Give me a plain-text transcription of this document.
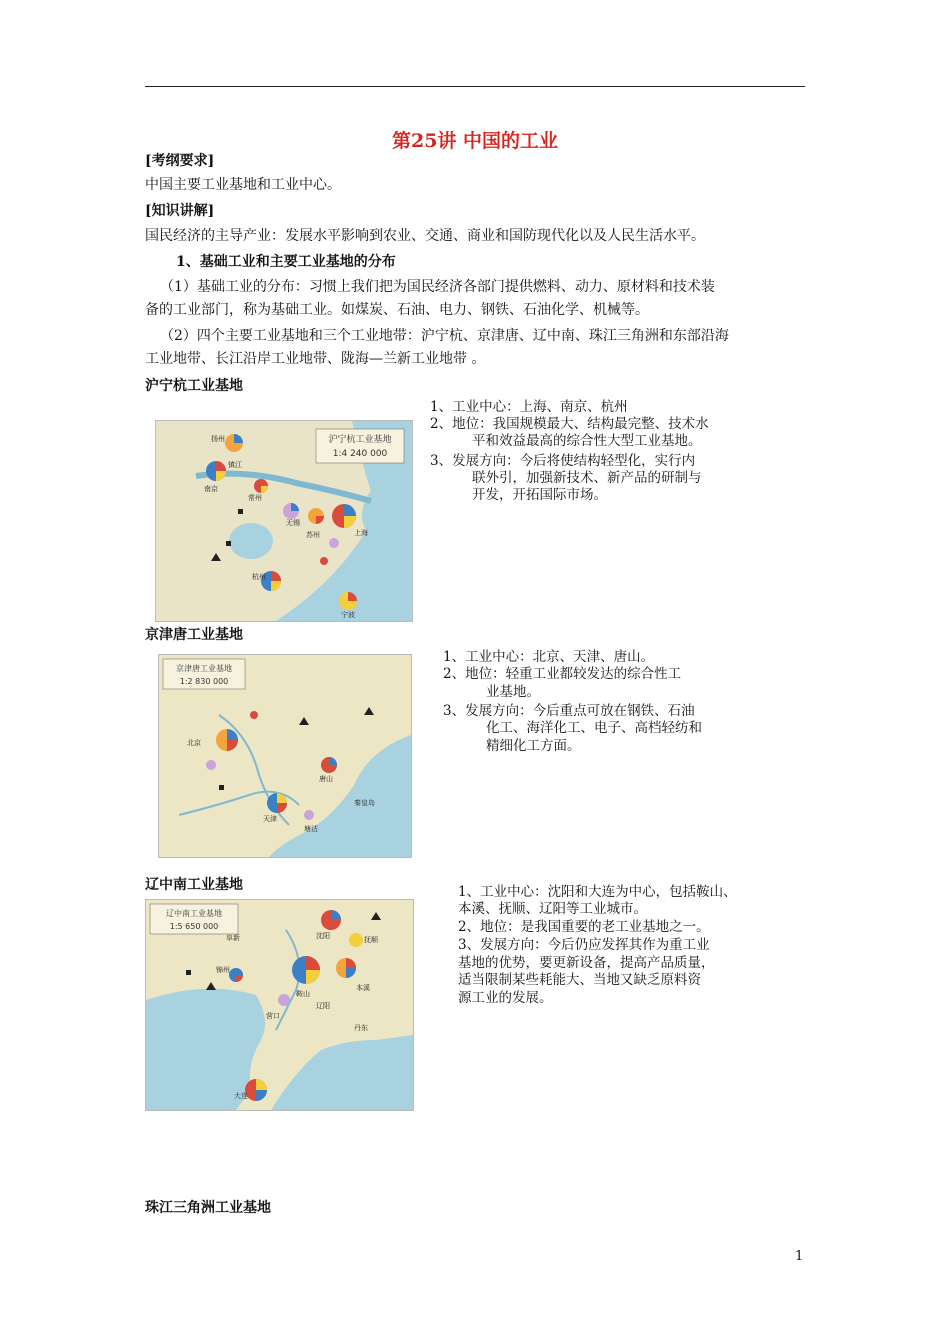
第25讲 中国的工业
[考纲要求]
中国主要工业基地和工业中心。
[知识讲解]
国民经济的主导产业：发展水平影响到农业、交通、商业和国防现代化以及人民生活水平。
1、基础工业和主要工业基地的分布
（1）基础工业的分布：习惯上我们把为国民经济各部门提供燃料、动力、原材料和技术装
备的工业部门，称为基础工业。如煤炭、石油、电力、钢铁、石油化学、机械等。
（2）四个主要工业基地和三个工业地带：沪宁杭、京津唐、辽中南、珠江三角洲和东部沿海
工业地带、长江沿岸工业地带、陇海—兰新工业地带 。
沪宁杭工业基地
沪宁杭工业基地
1:4 240 000
扬州
镇江
南京
常州
无锡
苏州	上海
杭州
宁波
1、工业中心：上海、南京、杭州
2、地位：我国规模最大、结构最完整、技术水
平和效益最高的综合性大型工业基地。
3、发展方向：今后将使结构轻型化，实行内
联外引，加强新技术、新产品的研制与
开发，开拓国际市场。
京津唐工业基地
京津唐工业基地
1:2 830 000
北京
天津
唐山
塘沽
秦皇岛
1、工业中心：北京、天津、唐山。
2、地位：轻重工业都较发达的综合性工
业基地。
3、发展方向：今后重点可放在钢铁、石油
化工、海洋化工、电子、高档轻纺和
精细化工方面。
辽中南工业基地
辽中南工业基地
1:5 650 000
沈阳	抚顺
本溪
鞍山
辽阳
营口
丹东
大连
锦州
阜新
1、工业中心：沈阳和大连为中心，包括鞍山、
本溪、抚顺、辽阳等工业城市。
2、地位：是我国重要的老工业基地之一。
3、发展方向：今后仍应发挥其作为重工业
基地的优势，要更新设备，提高产品质量，
适当限制某些耗能大、当地又缺乏原料资
源工业的发展。
珠江三角洲工业基地
1
